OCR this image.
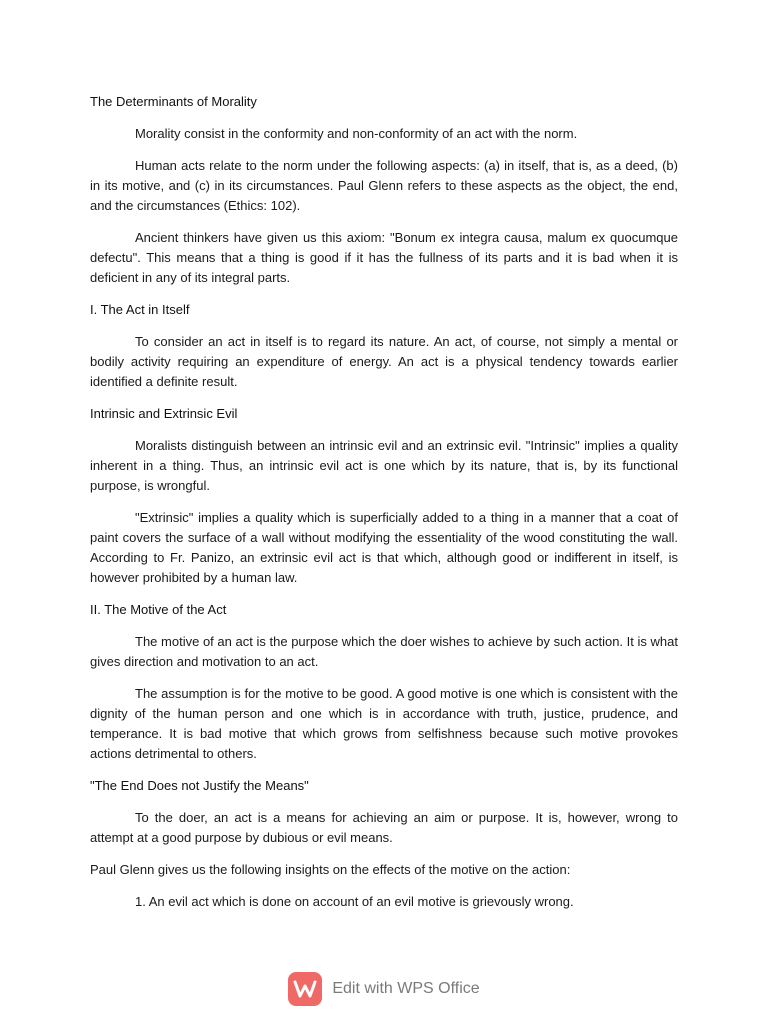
The Determinants of Morality

Morality consist in the conformity and non-conformity of an act with the norm.

Human acts relate to the norm under the following aspects: (a) in itself, that is, as a deed, (b) in its motive, and (c) in its circumstances. Paul Glenn refers to these aspects as the object, the end, and the circumstances (Ethics: 102).

Ancient thinkers have given us this axiom: "Bonum ex integra causa, malum ex quocumque defectu". This means that a thing is good if it has the fullness of its parts and it is bad when it is deficient in any of its integral parts.

I. The Act in Itself

To consider an act in itself is to regard its nature. An act, of course, not simply a mental or bodily activity requiring an expenditure of energy. An act is a physical tendency towards earlier identified a definite result.

Intrinsic and Extrinsic Evil

Moralists distinguish between an intrinsic evil and an extrinsic evil. "Intrinsic" implies a quality inherent in a thing. Thus, an intrinsic evil act is one which by its nature, that is, by its functional purpose, is wrongful.

"Extrinsic" implies a quality which is superficially added to a thing in a manner that a coat of paint covers the surface of a wall without modifying the essentiality of the wood constituting the wall. According to Fr. Panizo, an extrinsic evil act is that which, although good or indifferent in itself, is however prohibited by a human law.

II. The Motive of the Act

The motive of an act is the purpose which the doer wishes to achieve by such action. It is what gives direction and motivation to an act.

The assumption is for the motive to be good. A good motive is one which is consistent with the dignity of the human person and one which is in accordance with truth, justice, prudence, and temperance. It is bad motive that which grows from selfishness because such motive provokes actions detrimental to others.

"The End Does not Justify the Means"

To the doer, an act is a means for achieving an aim or purpose. It is, however, wrong to attempt at a good purpose by dubious or evil means.

Paul Glenn gives us the following insights on the effects of the motive on the action:

1. An evil act which is done on account of an evil motive is grievously wrong.

Edit with WPS Office
